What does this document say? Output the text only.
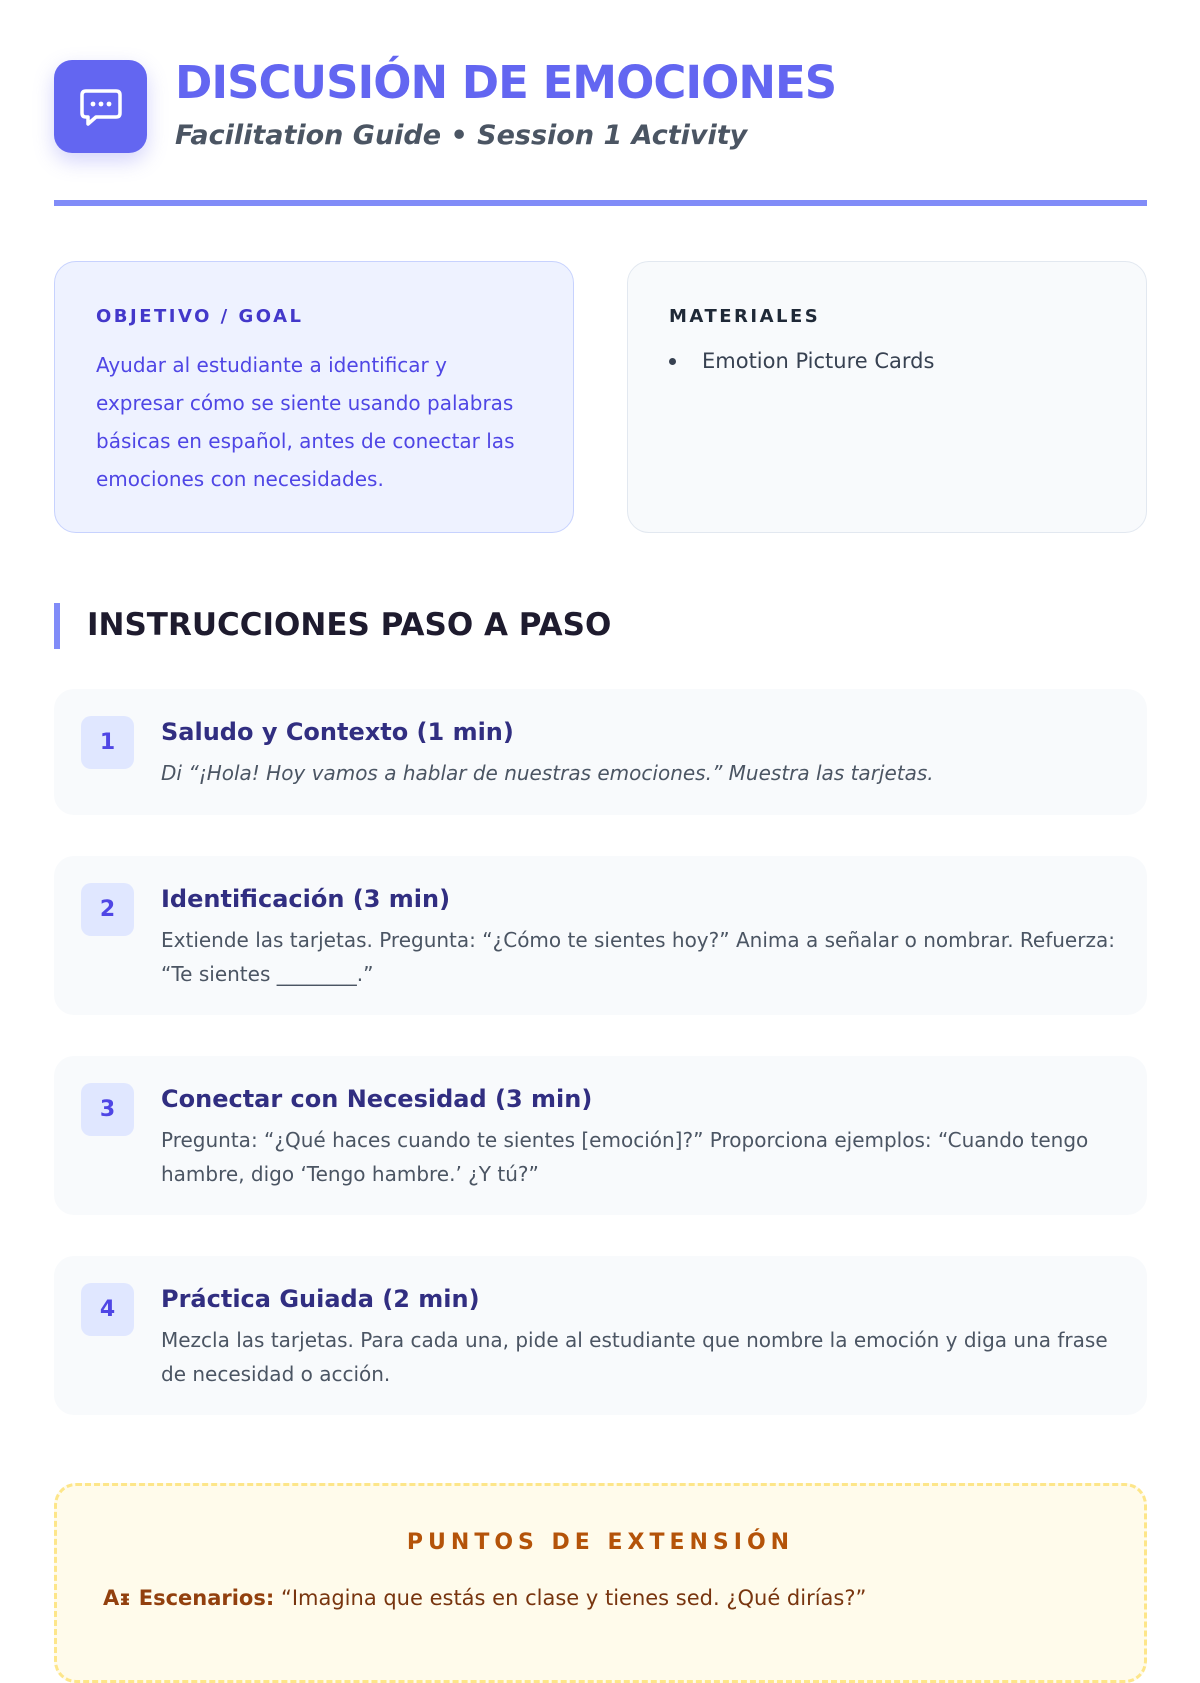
DISCUSIÓN DE EMOCIONES
Facilitation Guide • Session 1 Activity
OBJETIVO / GOAL
Ayudar al estudiante a identificar y expresar cómo se siente usando palabras básicas en español, antes de conectar las emociones con necesidades.
MATERIALES
Emotion Picture Cards
INSTRUCCIONES PASO A PASO
1	Saludo y Contexto (1 min)
Di “¡Hola! Hoy vamos a hablar de nuestras emociones.” Muestra las tarjetas.
2	Identificación (3 min)
Extiende las tarjetas. Pregunta: “¿Cómo te sientes hoy?” Anima a señalar o nombrar. Refuerza: “Te sientes ________.”
3	Conectar con Necesidad (3 min)
Pregunta: “¿Qué haces cuando te sientes [emoción]?” Proporciona ejemplos: “Cuando tengo hambre, digo ‘Tengo hambre.’ ¿Y tú?”
4	Práctica Guiada (2 min)
Mezcla las tarjetas. Para cada una, pide al estudiante que nombre la emoción y diga una frase de necesidad o acción.
PUNTOS DE EXTENSIÓN
Aᵻ Escenarios: “Imagina que estás en clase y tienes sed. ¿Qué dirías?”
